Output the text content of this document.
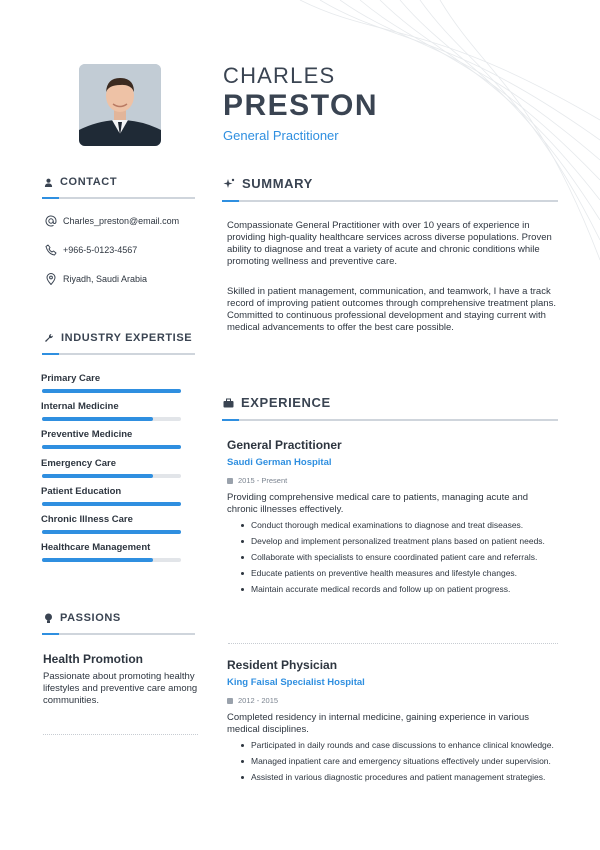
CHARLES
PRESTON
General Practitioner
CONTACT
Charles_preston@email.com
+966-5-0123-4567
Riyadh, Saudi Arabia
INDUSTRY EXPERTISE
Primary Care
Internal Medicine
Preventive Medicine
Emergency Care
Patient Education
Chronic Illness Care
Healthcare Management
PASSIONS
Health Promotion
Passionate about promoting healthy lifestyles and preventive care among communities.
SUMMARY
Compassionate General Practitioner with over 10 years of experience in providing high-quality healthcare services across diverse populations. Proven ability to diagnose and treat a variety of acute and chronic conditions while promoting wellness and preventive care.
Skilled in patient management, communication, and teamwork, I have a track record of improving patient outcomes through comprehensive treatment plans. Committed to continuous professional development and staying current with medical advancements to offer the best care possible.
EXPERIENCE
General Practitioner
Saudi German Hospital
2015 - Present
Providing comprehensive medical care to patients, managing acute and chronic illnesses effectively.
Conduct thorough medical examinations to diagnose and treat diseases.
Develop and implement personalized treatment plans based on patient needs.
Collaborate with specialists to ensure coordinated patient care and referrals.
Educate patients on preventive health measures and lifestyle changes.
Maintain accurate medical records and follow up on patient progress.
Resident Physician
King Faisal Specialist Hospital
2012 - 2015
Completed residency in internal medicine, gaining experience in various medical disciplines.
Participated in daily rounds and case discussions to enhance clinical knowledge.
Managed inpatient care and emergency situations effectively under supervision.
Assisted in various diagnostic procedures and patient management strategies.
